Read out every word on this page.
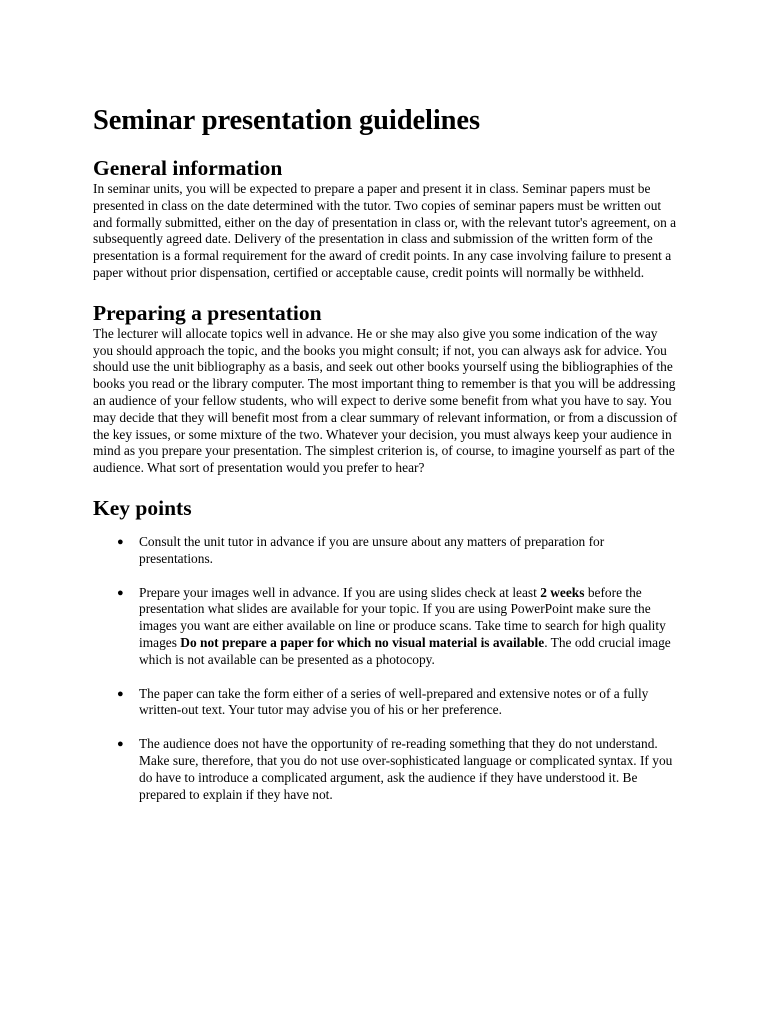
Seminar presentation guidelines
General information

In seminar units, you will be expected to prepare a paper and present it in class. Seminar papers must be presented in class on the date determined with the tutor. Two copies of seminar papers must be written out and formally submitted, either on the day of presentation in class or, with the relevant tutor's agreement, on a subsequently agreed date. Delivery of the presentation in class and submission of the written form of the presentation is a formal requirement for the award of credit points. In any case involving failure to present a paper without prior dispensation, certified or acceptable cause, credit points will normally be withheld.

Preparing a presentation

The lecturer will allocate topics well in advance. He or she may also give you some indication of the way you should approach the topic, and the books you might consult; if not, you can always ask for advice. You should use the unit bibliography as a basis, and seek out other books yourself using the bibliographies of the books you read or the library computer. The most important thing to remember is that you will be addressing an audience of your fellow students, who will expect to derive some benefit from what you have to say. You may decide that they will benefit most from a clear summary of relevant information, or from a discussion of the key issues, or some mixture of the two. Whatever your decision, you must always keep your audience in mind as you prepare your presentation. The simplest criterion is, of course, to imagine yourself as part of the audience. What sort of presentation would you prefer to hear?

Key points
● Consult the unit tutor in advance if you are unsure about any matters of preparation for presentations.
● Prepare your images well in advance. If you are using slides check at least 2 weeks before the presentation what slides are available for your topic. If you are using PowerPoint make sure the images you want are either available on line or produce scans. Take time to search for high quality images Do not prepare a paper for which no visual material is available. The odd crucial image which is not available can be presented as a photocopy.
● The paper can take the form either of a series of well-prepared and extensive notes or of a fully written-out text. Your tutor may advise you of his or her preference.
● The audience does not have the opportunity of re-reading something that they do not understand. Make sure, therefore, that you do not use over-sophisticated language or complicated syntax. If you do have to introduce a complicated argument, ask the audience if they have understood it. Be prepared to explain if they have not.
